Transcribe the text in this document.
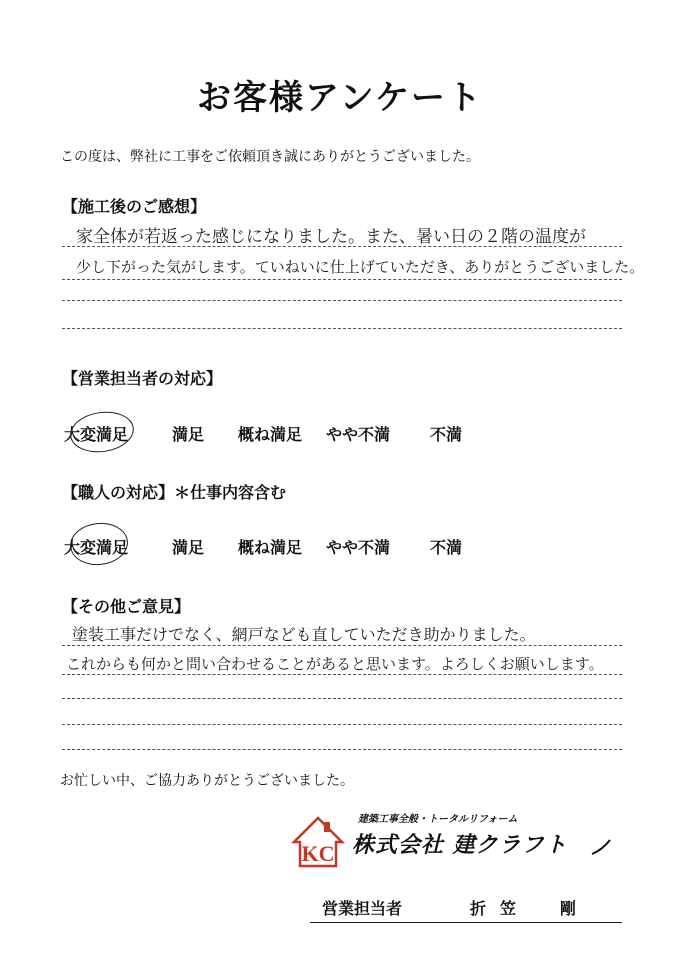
お客様アンケート
この度は、弊社に工事をご依頼頂き誠にありがとうございました。
【施工後のご感想】
家全体が若返った感じになりました。また、暑い日の２階の温度が
少し下がった気がします。ていねいに仕上げていただき、ありがとうございました。
【営業担当者の対応】
大変満足	満足 概ね満足 やや不満 不満
【職人の対応】＊仕事内容含む
大変満足	満足 概ね満足 やや不満 不満
【その他ご意見】
塗装工事だけでなく、網戸なども直していただき助かりました。
これからも何かと問い合わせることがあると思います。よろしくお願いします。
お忙しい中、ご協力ありがとうございました。
KC
建築工事全般・トータルリフォーム
株式会社 建クラフト
営業担当者	折笠　剛
